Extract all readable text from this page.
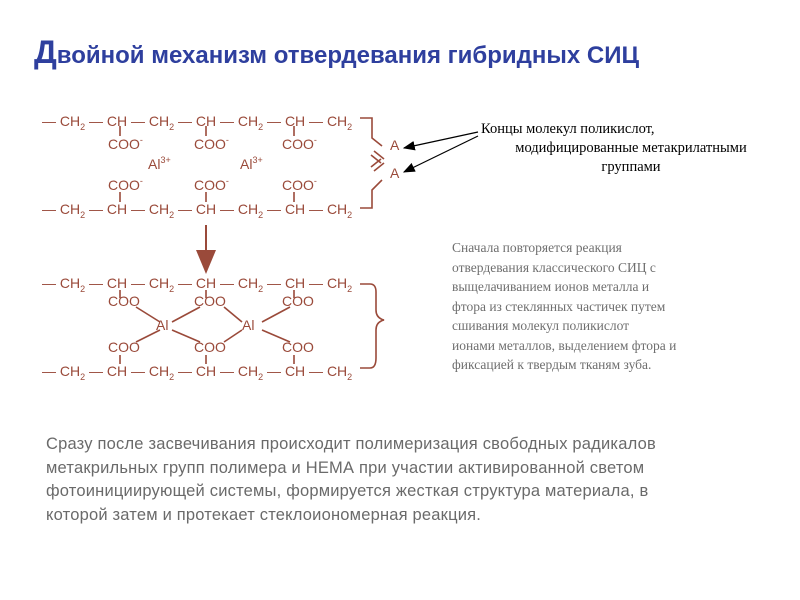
Двойной механизм отвердевания гибридных СИЦ
— $CH_2$ — CH — $CH_2$ — CH — $CH_2$ — CH — $CH_2$
COO-	COO-	COO-
$Al^{3+}$	$Al^{3+}$
COO-	COO-	COO-
— $CH_2$ — CH — $CH_2$ — CH — $CH_2$ — CH — $CH_2$
A
A
— $CH_2$ — CH — $CH_2$ — CH — $CH_2$ — CH — $CH_2$
COO	COO	COO
Al	Al
COO	COO	COO
— $CH_2$ — CH — $CH_2$ — CH — $CH_2$ — CH — $CH_2$
Концы молекул поликислот,
модифицированные метакрилатными
группами
Сначала повторяется реакция
отвердевания классического СИЦ с
выщелачиванием ионов металла и
фтора из стеклянных частичек путем
сшивания молекул поликислот
ионами металлов, выделением фтора и
фиксацией к твердым тканям зуба.
Сразу после засвечивания происходит полимеризация свободных радикалов
метакрильных групп полимера и НЕМА при участии активированной светом
фотоинициирующей системы, формируется жесткая структура материала, в
которой затем и протекает стеклоиономерная реакция.
